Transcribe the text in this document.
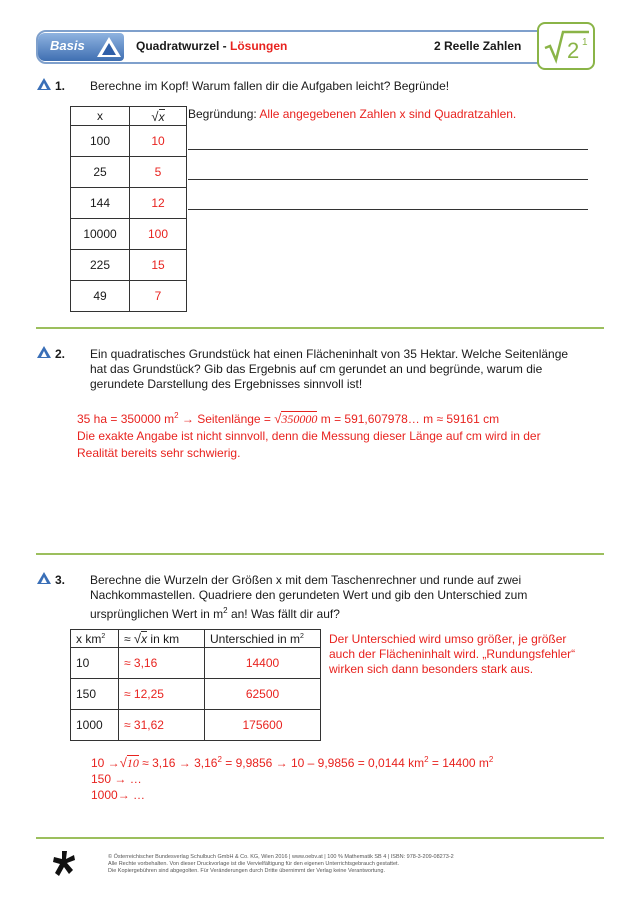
Basis	Quadratwurzel - Lösungen	2 Reelle Zahlen 2 1
1. Berechne im Kopf! Warum fallen dir die Aufgaben leicht? Begründe!
x	√x
100	10
25	5
144	12
10000	100
225	15
49	7
Begründung: Alle angegebenen Zahlen x sind Quadratzahlen.
2. Ein quadratisches Grundstück hat einen Flächeninhalt von 35 Hektar. Welche Seitenlänge
hat das Grundstück? Gib das Ergebnis auf cm gerundet an und begründe, warum die
gerundete Darstellung des Ergebnisses sinnvoll ist!
35 ha = 350000 $m^2$ → Seitenlänge = √350000 m = 591,607978… m ≈ 59161 cm
Die exakte Angabe ist nicht sinnvoll, denn die Messung dieser Länge auf cm wird in der
Realität bereits sehr schwierig.
3. Berechne die Wurzeln der Größen x mit dem Taschenrechner und runde auf zwei
Nachkommastellen. Quadriere den gerundeten Wert und gib den Unterschied zum
ursprünglichen Wert in $m^2$ an! Was fällt dir auf?
x $km^2$	≈ √x in km	Unterschied in $m^2$
10	≈ 3,16	14400
150	≈ 12,25	62500
1000	≈ 31,62	175600
Der Unterschied wird umso größer, je größer
auch der Flächeninhalt wird. „Rundungsfehler“
wirken sich dann besonders stark aus.
$10 \to√10 \approx 3,16 \to 3,16^2 = 9,9856 \to 10 - 9,9856 = 0,0144$ $km^2 = 14400$ $m^2$
150 → …
1000→ …
© Österreichischer Bundesverlag Schulbuch GmbH & Co. KG, Wien 2016 | www.oebv.at | 100 % Mathematik SB 4 | ISBN: 978-3-209-08273-2
Alle Rechte vorbehalten. Von dieser Druckvorlage ist die Vervielfältigung für den eigenen Unterrichtsgebrauch gestattet.
Die Kopiergebühren sind abgegolten. Für Veränderungen durch Dritte übernimmt der Verlag keine Verantwortung.
